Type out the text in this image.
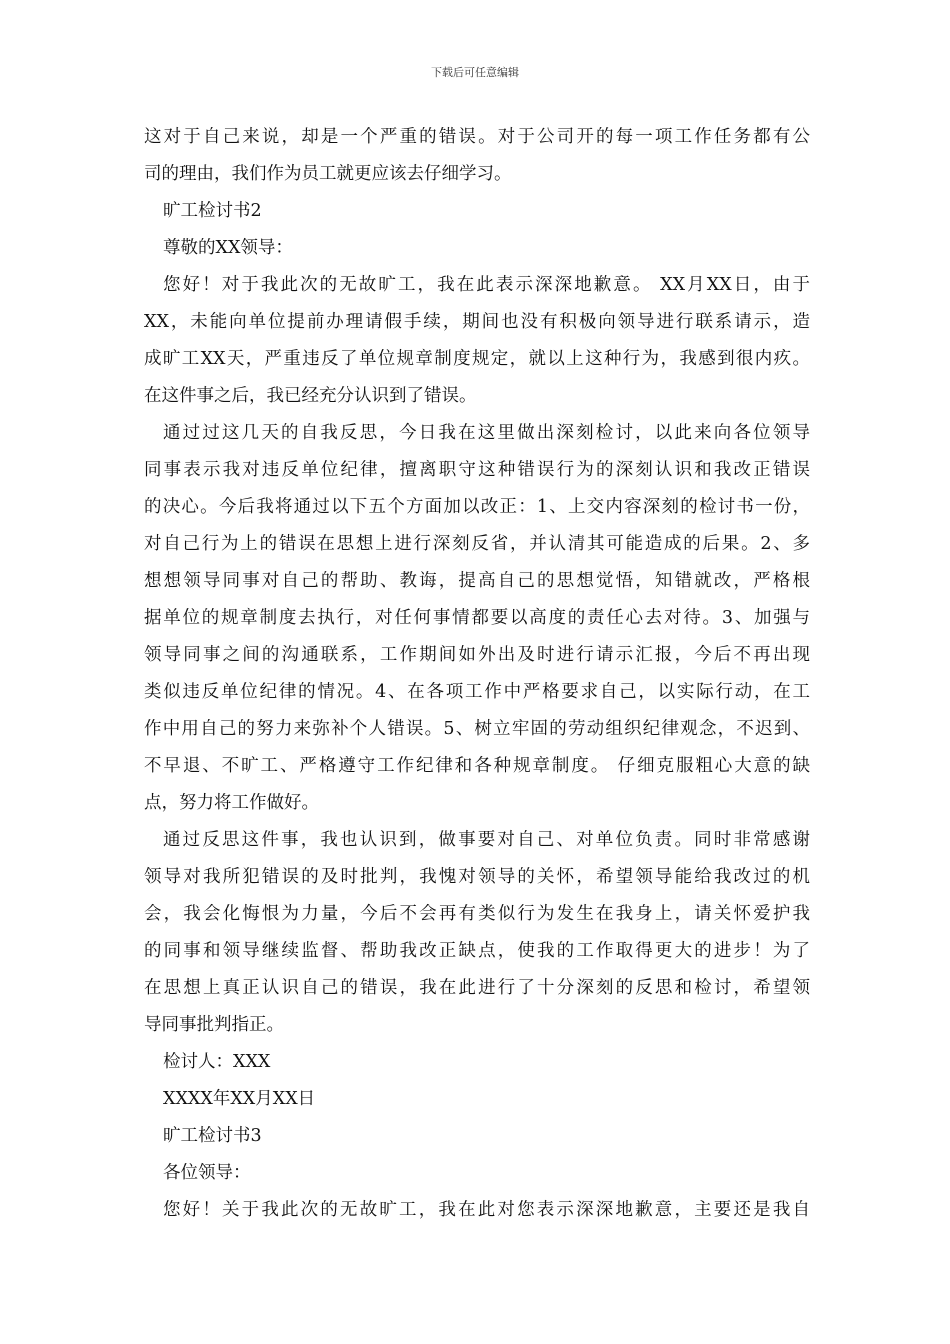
下载后可任意编辑
这对于自己来说，却是一个严重的错误。对于公司开的每一项工作任务都有公
司的理由，我们作为员工就更应该去仔细学习。
旷工检讨书2
尊敬的XX领导：
您好！对于我此次的无故旷工，我在此表示深深地歉意。 XX月XX日，由于
XX，未能向单位提前办理请假手续，期间也没有积极向领导进行联系请示，造
成旷工XX天，严重违反了单位规章制度规定，就以上这种行为，我感到很内疚。
在这件事之后，我已经充分认识到了错误。
通过过这几天的自我反思，今日我在这里做出深刻检讨，以此来向各位领导
同事表示我对违反单位纪律，擅离职守这种错误行为的深刻认识和我改正错误
的决心。今后我将通过以下五个方面加以改正：1、上交内容深刻的检讨书一份，
对自己行为上的错误在思想上进行深刻反省，并认清其可能造成的后果。2、多
想想领导同事对自己的帮助、教诲，提高自己的思想觉悟，知错就改，严格根
据单位的规章制度去执行，对任何事情都要以高度的责任心去对待。3、加强与
领导同事之间的沟通联系，工作期间如外出及时进行请示汇报，今后不再出现
类似违反单位纪律的情况。4、在各项工作中严格要求自己，以实际行动，在工
作中用自己的努力来弥补个人错误。5、树立牢固的劳动组织纪律观念，不迟到、
不早退、不旷工、严格遵守工作纪律和各种规章制度。 仔细克服粗心大意的缺
点，努力将工作做好。
通过反思这件事，我也认识到，做事要对自己、对单位负责。同时非常感谢
领导对我所犯错误的及时批判，我愧对领导的关怀，希望领导能给我改过的机
会，我会化悔恨为力量，今后不会再有类似行为发生在我身上，请关怀爱护我
的同事和领导继续监督、帮助我改正缺点，使我的工作取得更大的进步！为了
在思想上真正认识自己的错误，我在此进行了十分深刻的反思和检讨，希望领
导同事批判指正。
检讨人：XXX
XXXX年XX月XX日
旷工检讨书3
各位领导：
您好！关于我此次的无故旷工，我在此对您表示深深地歉意，主要还是我自
